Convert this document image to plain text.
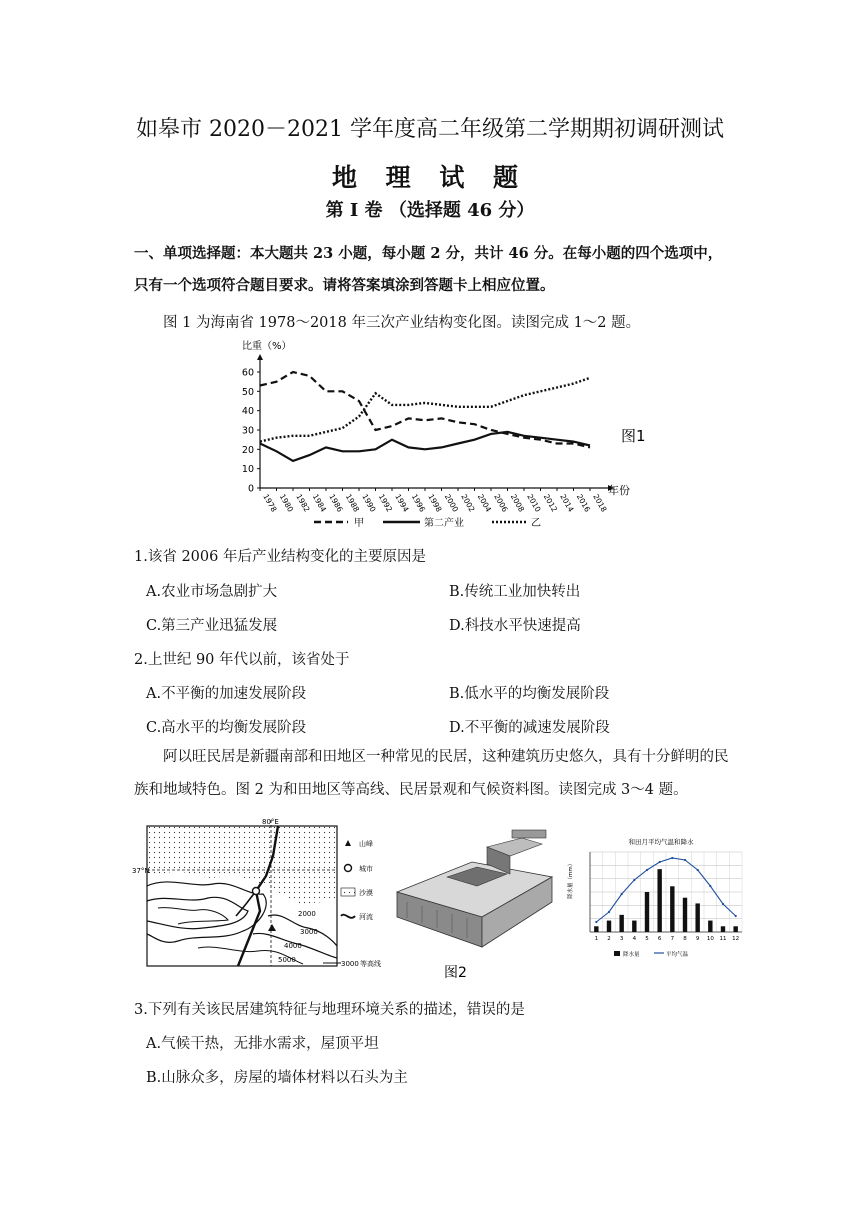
如皋市 2020－2021 学年度高二年级第二学期期初调研测试
地 理 试 题
第 I 卷 （选择题 46 分）
一、单项选择题：本大题共 23 小题，每小题 2 分，共计 46 分。在每小题的四个选项中，
只有一个选项符合题目要求。请将答案填涂到答题卡上相应位置。
图 1 为海南省 1978～2018 年三次产业结构变化图。读图完成 1～2 题。
0
10
20
30
40
50
60
1978 1980 1982 1984 1986 1988 1990 1992 1994 1996 1998 2000 2002 2004 2006 2008 2010 2012 2014 2016 2018
比重（%）
年份
图1
甲	第二产业	乙
1.该省 2006 年后产业结构变化的主要原因是
A.农业市场急剧扩大	B.传统工业加快转出
C.第三产业迅猛发展	D.科技水平快速提高
2.上世纪 90 年代以前，该省处于
A.不平衡的加速发展阶段	B.低水平的均衡发展阶段
C.高水平的均衡发展阶段	D.不平衡的减速发展阶段
阿以旺民居是新疆南部和田地区一种常见的民居，这种建筑历史悠久，具有十分鲜明的民族和地域特色。图 2 为和田地区等高线、民居景观和气候资料图。读图完成 3～4 题。
80°E
37°N
2000
3000
4000
5000
山峰
城市
沙漠
河流
3000 等高线
图2
和田月平均气温和降水
1 2 3 4 5 6 7 8 9 10 11 12
降水量（mm）
降水量	平均气温
3.下列有关该民居建筑特征与地理环境关系的描述，错误的是
A.气候干热，无排水需求，屋顶平坦
B.山脉众多，房屋的墙体材料以石头为主
